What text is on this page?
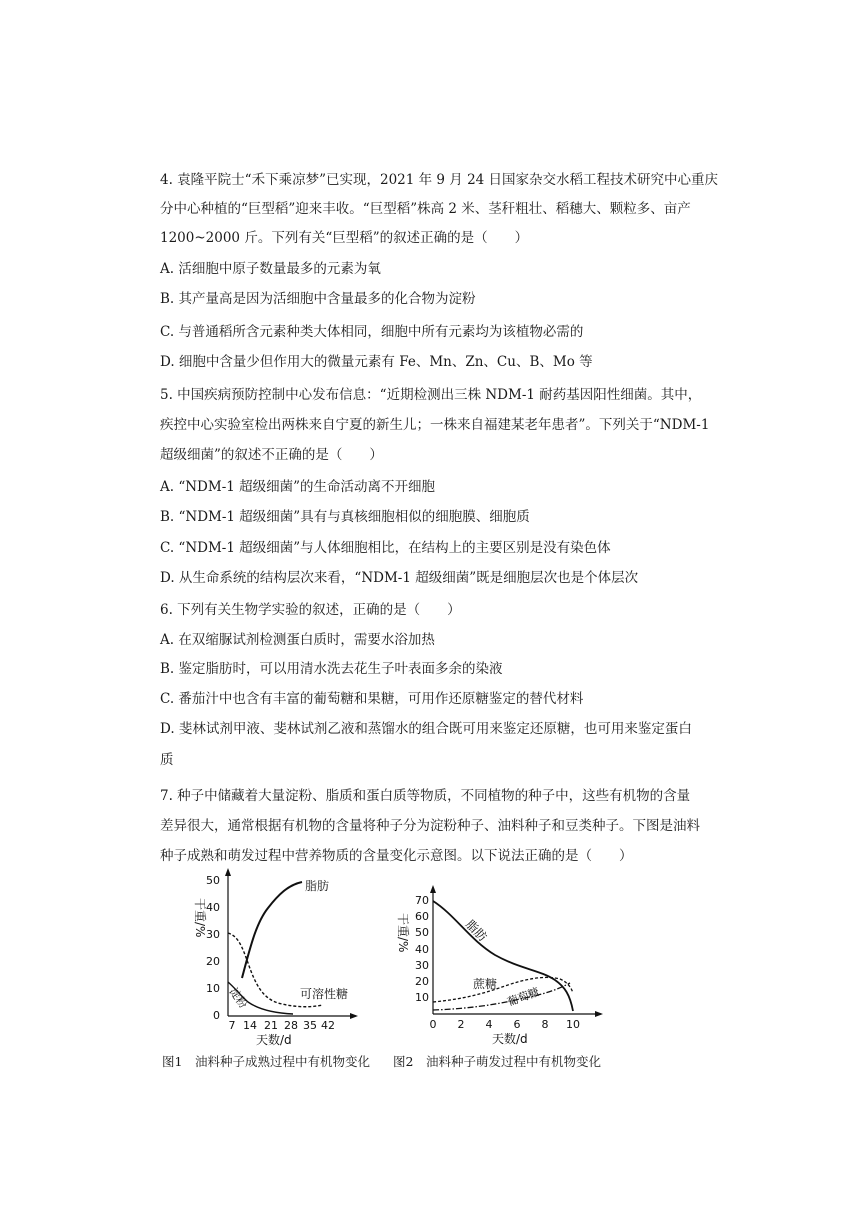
4. 袁隆平院士“禾下乘凉梦”已实现，2021 年 9 月 24 日国家杂交水稻工程技术研究中心重庆
分中心种植的“巨型稻”迎来丰收。“巨型稻”株高 2 米、茎秆粗壮、稻穗大、颗粒多、亩产
1200~2000 斤。下列有关“巨型稻”的叙述正确的是（　　）
A. 活细胞中原子数量最多的元素为氧
B. 其产量高是因为活细胞中含量最多的化合物为淀粉
C. 与普通稻所含元素种类大体相同，细胞中所有元素均为该植物必需的
D. 细胞中含量少但作用大的微量元素有 Fe、Mn、Zn、Cu、B、Mo 等
5. 中国疾病预防控制中心发布信息：“近期检测出三株 NDM-1 耐药基因阳性细菌。其中，
疾控中心实验室检出两株来自宁夏的新生儿；一株来自福建某老年患者”。下列关于“NDM-1
超级细菌”的叙述不正确的是（　　）
A. “NDM-1 超级细菌”的生命活动离不开细胞
B. “NDM-1 超级细菌”具有与真核细胞相似的细胞膜、细胞质
C. “NDM-1 超级细菌”与人体细胞相比，在结构上的主要区别是没有染色体
D. 从生命系统的结构层次来看，“NDM-1 超级细菌”既是细胞层次也是个体层次
6. 下列有关生物学实验的叙述，正确的是（　　）
A. 在双缩脲试剂检测蛋白质时，需要水浴加热
B. 鉴定脂肪时，可以用清水洗去花生子叶表面多余的染液
C. 番茄汁中也含有丰富的葡萄糖和果糖，可用作还原糖鉴定的替代材料
D. 斐林试剂甲液、斐林试剂乙液和蒸馏水的组合既可用来鉴定还原糖，也可用来鉴定蛋白
质
7. 种子中储藏着大量淀粉、脂质和蛋白质等物质，不同植物的种子中，这些有机物的含量
差异很大，通常根据有机物的含量将种子分为淀粉种子、油料种子和豆类种子。下图是油料
种子成熟和萌发过程中营养物质的含量变化示意图。以下说法正确的是（　　）
50
40
30
20
10
0
7 14 21 28 35 42
干重/%
天数/d
脂肪
可溶性糖
淀粉
70
60
50
40
30
20
10
0 2 4 6 8 10
干重/%
天数/d
脂肪
蔗糖
葡萄糖
图1　油料种子成熟过程中有机物变化 图2　油料种子萌发过程中有机物变化
